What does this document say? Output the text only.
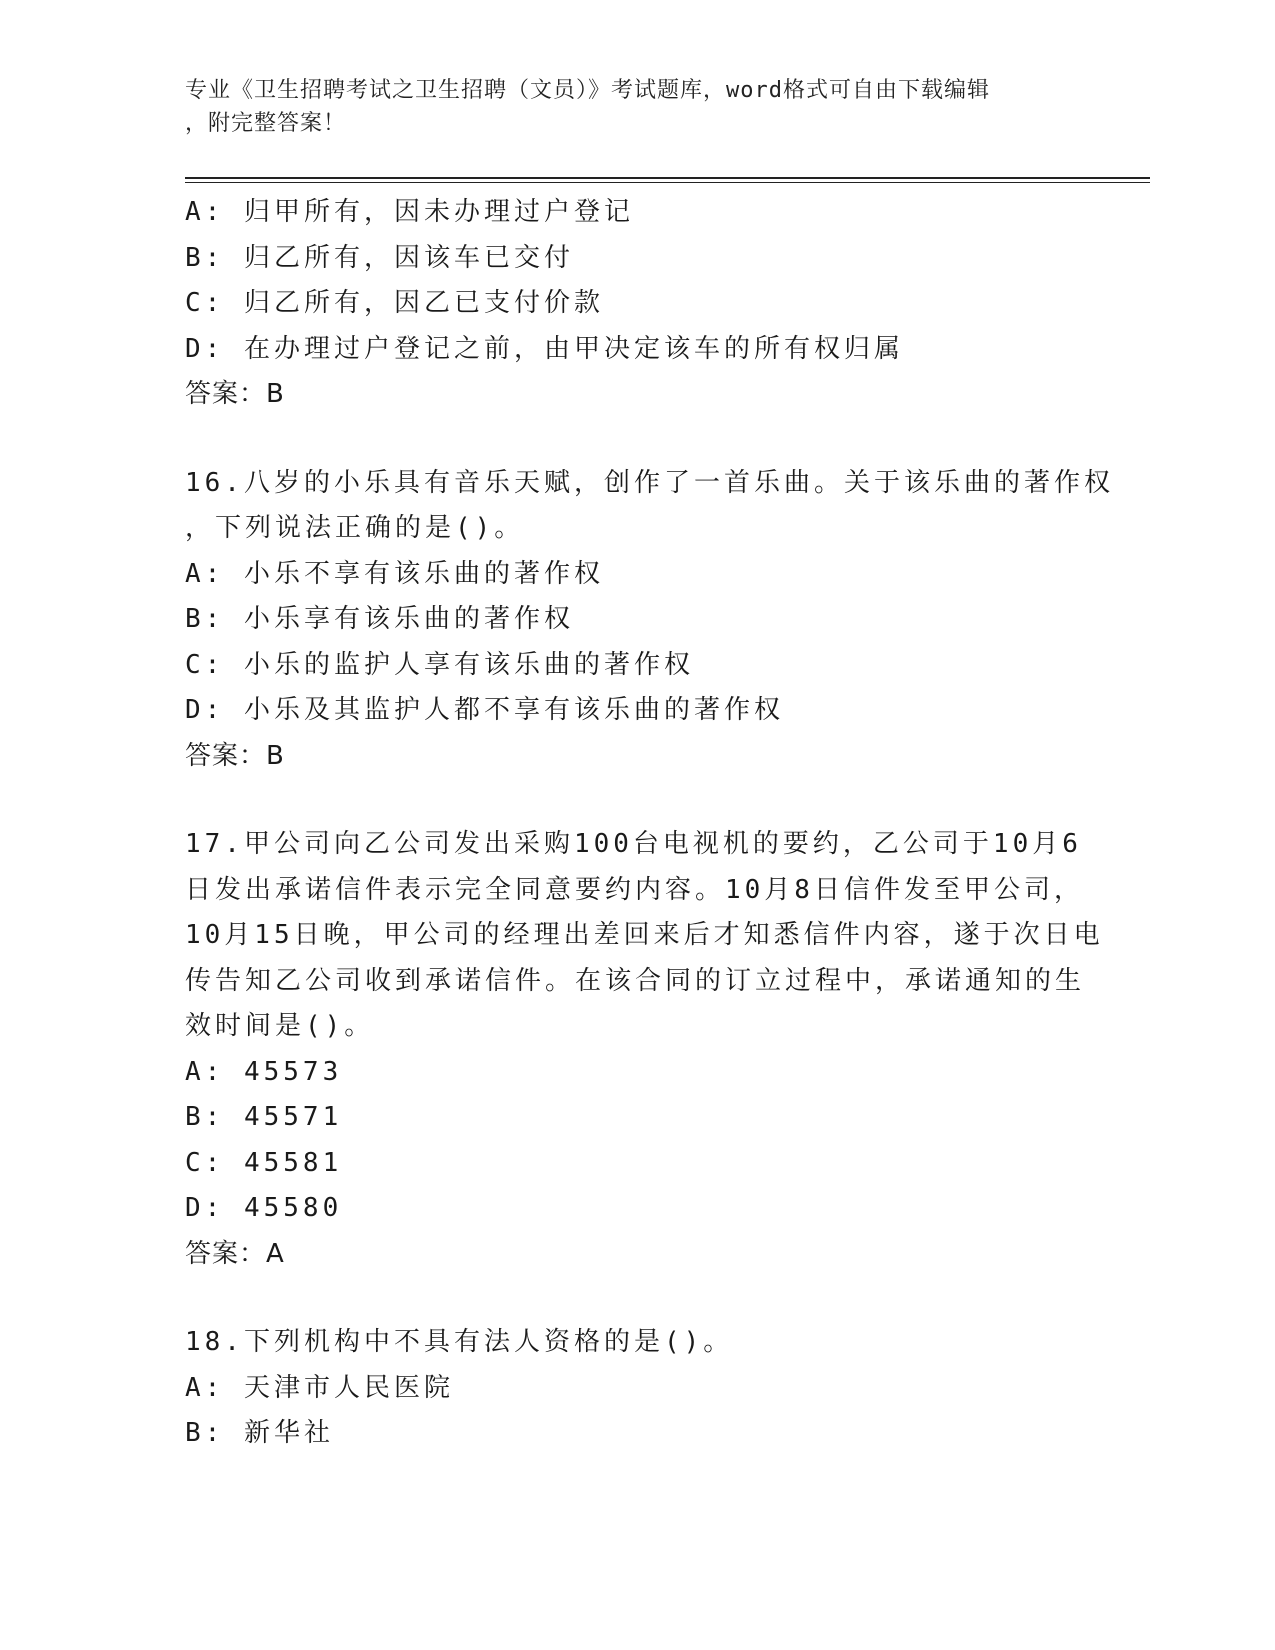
专业《卫生招聘考试之卫生招聘（文员）》考试题库，word格式可自由下载编辑
，附完整答案！
A: 归甲所有，因未办理过户登记
B: 归乙所有，因该车已交付
C: 归乙所有，因乙已支付价款
D: 在办理过户登记之前，由甲决定该车的所有权归属
答案：B
16.八岁的小乐具有音乐天赋，创作了一首乐曲。关于该乐曲的著作权
，下列说法正确的是()。
A: 小乐不享有该乐曲的著作权
B: 小乐享有该乐曲的著作权
C: 小乐的监护人享有该乐曲的著作权
D: 小乐及其监护人都不享有该乐曲的著作权
答案：B
17.甲公司向乙公司发出采购100台电视机的要约，乙公司于10月6
日发出承诺信件表示完全同意要约内容。10月8日信件发至甲公司，
10月15日晚，甲公司的经理出差回来后才知悉信件内容，遂于次日电
传告知乙公司收到承诺信件。在该合同的订立过程中，承诺通知的生
效时间是()。
A: 45573
B: 45571
C: 45581
D: 45580
答案：A
18.下列机构中不具有法人资格的是()。
A: 天津市人民医院
B: 新华社
